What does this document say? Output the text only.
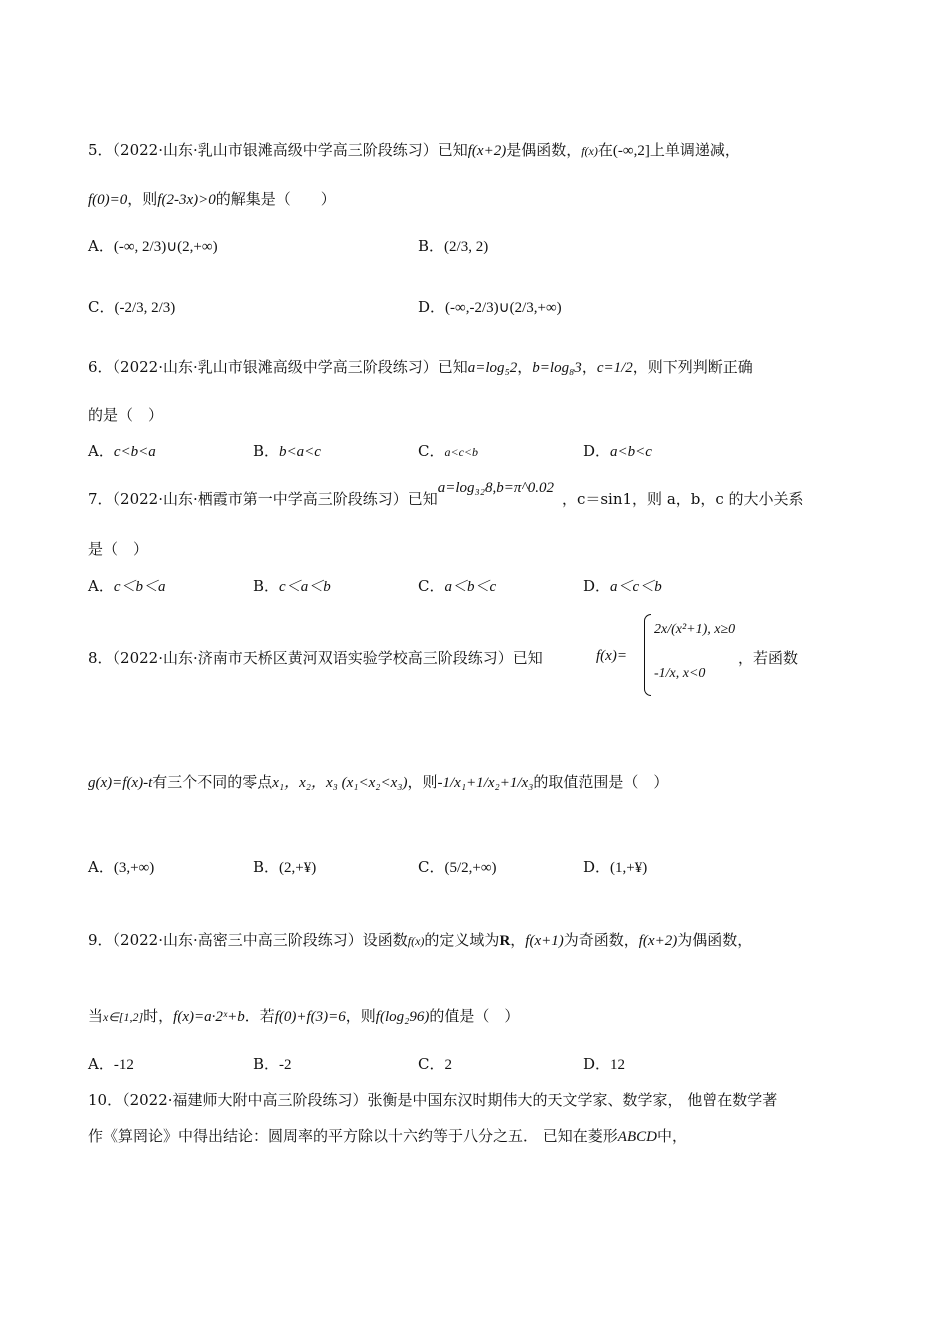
5．（2022·山东·乳山市银滩高级中学高三阶段练习）已知f(x+2)是偶函数，f(x)在(-∞,2]上单调递减，
f(0)=0，则f(2-3x)>0的解集是（　　）
A．(-∞, 2/3)∪(2,+∞)	B．(2/3, 2)
C．(-2/3, 2/3)	D．(-∞,-2/3)∪(2/3,+∞)
6．（2022·山东·乳山市银滩高级中学高三阶段练习）已知a=log₅2，b=log₈3，c=1/2，则下列判断正确
的是（　）
A．c<b<a	B．b<a<c	C．a<c<b	D．a<b<c
7．（2022·山东·栖霞市第一中学高三阶段练习）已知a=log₃₂8,b=π^0.02，c＝sin1，则 a，b，c 的大小关系
是（　）
A．c＜b＜a	B．c＜a＜b	C．a＜b＜c	D．a＜c＜b
8．（2022·山东·济南市天桥区黄河双语实验学校高三阶段练习）已知	f(x)=
2x/(x²+1), x≥0
-1/x, x<0
，若函数
g(x)=f(x)-t有三个不同的零点x₁，x₂，x₃ (x₁<x₂<x₃)，则-1/x₁+1/x₂+1/x₃的取值范围是（　）
A．(3,+∞)	B．(2,+¥)	C．(5/2,+∞)	D．(1,+¥)
9．（2022·山东·高密三中高三阶段练习）设函数f(x)的定义域为R，f(x+1)为奇函数，f(x+2)为偶函数，
当x∈[1,2]时，f(x)=a·2ˣ+b．若f(0)+f(3)=6，则f(log₂96)的值是（　）
A．-12	B．-2	C．2	D．12
10．（2022·福建师大附中高三阶段练习）张衡是中国东汉时期伟大的天文学家、数学家， 他曾在数学著
作《算罔论》中得出结论：圆周率的平方除以十六约等于八分之五． 已知在菱形ABCD中，
